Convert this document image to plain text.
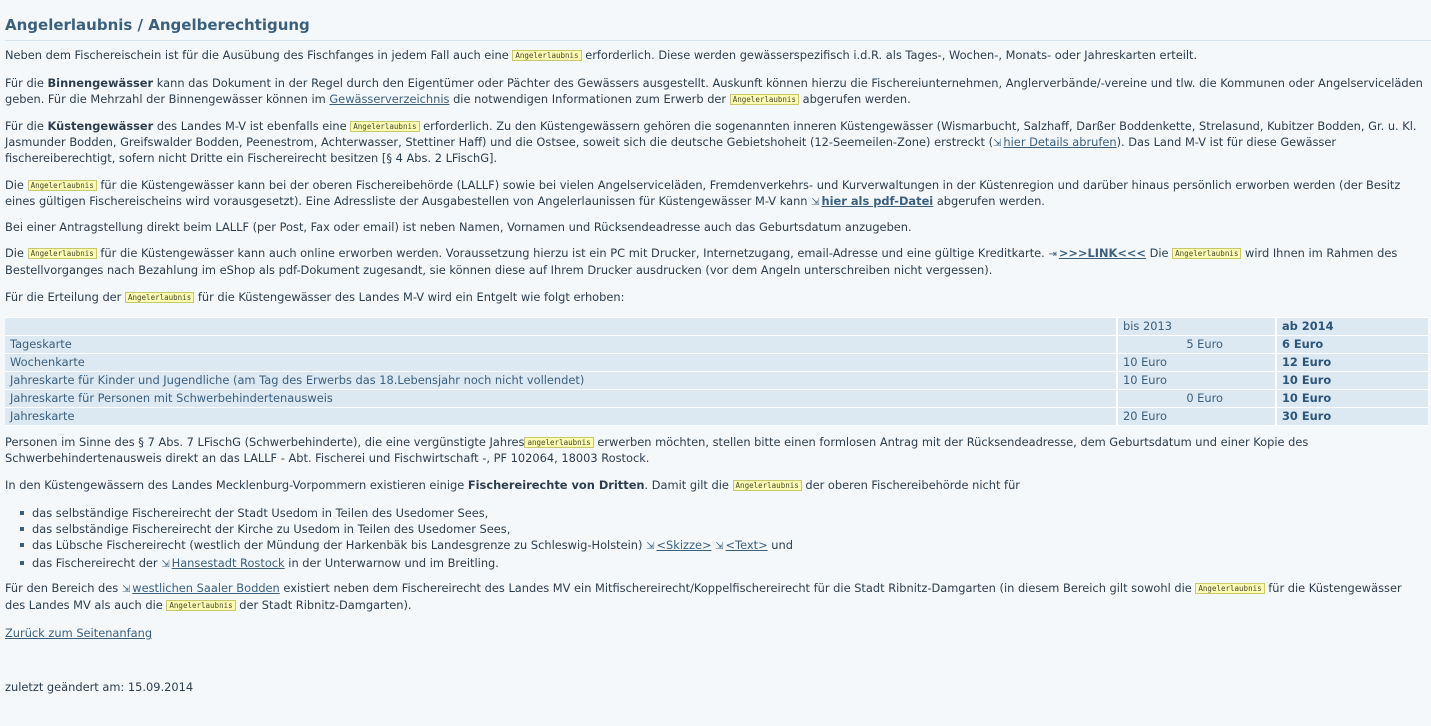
Angelerlaubnis / Angelberechtigung

Neben dem Fischereischein ist für die Ausübung des Fischfanges in jedem Fall auch eine Angelerlaubnis erforderlich. Diese werden gewässerspezifisch i.d.R. als Tages-, Wochen-, Monats- oder Jahreskarten erteilt.

Für die Binnengewässer kann das Dokument in der Regel durch den Eigentümer oder Pächter des Gewässers ausgestellt. Auskunft können hierzu die Fischereiunternehmen, Anglerverbände/-vereine und tlw. die Kommunen oder Angelserviceläden geben. Für die Mehrzahl der Binnengewässer können im Gewässerverzeichnis die notwendigen Informationen zum Erwerb der Angelerlaubnis abgerufen werden.

Für die Küstengewässer des Landes M-V ist ebenfalls eine Angelerlaubnis erforderlich. Zu den Küstengewässern gehören die sogenannten inneren Küstengewässer (Wismarbucht, Salzhaff, Darßer Boddenkette, Strelasund, Kubitzer Bodden, Gr. u. Kl. Jasmunder Bodden, Greifswalder Bodden, Peenestrom, Achterwasser, Stettiner Haff) und die Ostsee, soweit sich die deutsche Gebietshoheit (12-Seemeilen-Zone) erstreckt (⇲ hier Details abrufen). Das Land M-V ist für diese Gewässer fischereiberechtigt, sofern nicht Dritte ein Fischereirecht besitzen [§ 4 Abs. 2 LFischG].

Die Angelerlaubnis für die Küstengewässer kann bei der oberen Fischereibehörde (LALLF) sowie bei vielen Angelserviceläden, Fremdenverkehrs- und Kurverwaltungen in der Küstenregion und darüber hinaus persönlich erworben werden (der Besitz eines gültigen Fischereischeins wird vorausgesetzt). Eine Adressliste der Ausgabestellen von Angelerlaunissen für Küstengewässer M-V kann ⇲ hier als pdf-Datei abgerufen werden.

Bei einer Antragstellung direkt beim LALLF (per Post, Fax oder email) ist neben Namen, Vornamen und Rücksendeadresse auch das Geburtsdatum anzugeben.

Die Angelerlaubnis für die Küstengewässer kann auch online erworben werden. Voraussetzung hierzu ist ein PC mit Drucker, Internetzugang, email-Adresse und eine gültige Kreditkarte. ⇥ >>>LINK<<< Die Angelerlaubnis wird Ihnen im Rahmen des Bestellvorganges nach Bezahlung im eShop als pdf-Dokument zugesandt, sie können diese auf Ihrem Drucker ausdrucken (vor dem Angeln unterschreiben nicht vergessen).

Für die Erteilung der Angelerlaubnis für die Küstengewässer des Landes M-V wird ein Entgelt wie folgt erhoben:

	bis 2013	ab 2014
Tageskarte	5 Euro	6 Euro
Wochenkarte	10 Euro	12 Euro
Jahreskarte für Kinder und Jugendliche (am Tag des Erwerbs das 18.Lebensjahr noch nicht vollendet)	10 Euro	10 Euro
Jahreskarte für Personen mit Schwerbehindertenausweis	0 Euro	10 Euro
Jahreskarte	20 Euro	30 Euro

Personen im Sinne des § 7 Abs. 7 LFischG (Schwerbehinderte), die eine vergünstigte Jahres angelerlaubnis erwerben möchten, stellen bitte einen formlosen Antrag mit der Rücksendeadresse, dem Geburtsdatum und einer Kopie des Schwerbehindertenausweis direkt an das LALLF - Abt. Fischerei und Fischwirtschaft -, PF 102064, 18003 Rostock.

In den Küstengewässern des Landes Mecklenburg-Vorpommern existieren einige Fischereirechte von Dritten. Damit gilt die Angelerlaubnis der oberen Fischereibehörde nicht für

das selbständige Fischereirecht der Stadt Usedom in Teilen des Usedomer Sees,
das selbständige Fischereirecht der Kirche zu Usedom in Teilen des Usedomer Sees,
das Lübsche Fischereirecht (westlich der Mündung der Harkenbäk bis Landesgrenze zu Schleswig-Holstein) ⇲ <Skizze> ⇲ <Text> und
das Fischereirecht der ⇲ Hansestadt Rostock in der Unterwarnow und im Breitling.

Für den Bereich des ⇲ westlichen Saaler Bodden existiert neben dem Fischereirecht des Landes MV ein Mitfischereirecht/Koppelfischereirecht für die Stadt Ribnitz-Damgarten (in diesem Bereich gilt sowohl die Angelerlaubnis für die Küstengewässer des Landes MV als auch die Angelerlaubnis der Stadt Ribnitz-Damgarten).

Zurück zum Seitenanfang

zuletzt geändert am: 15.09.2014
